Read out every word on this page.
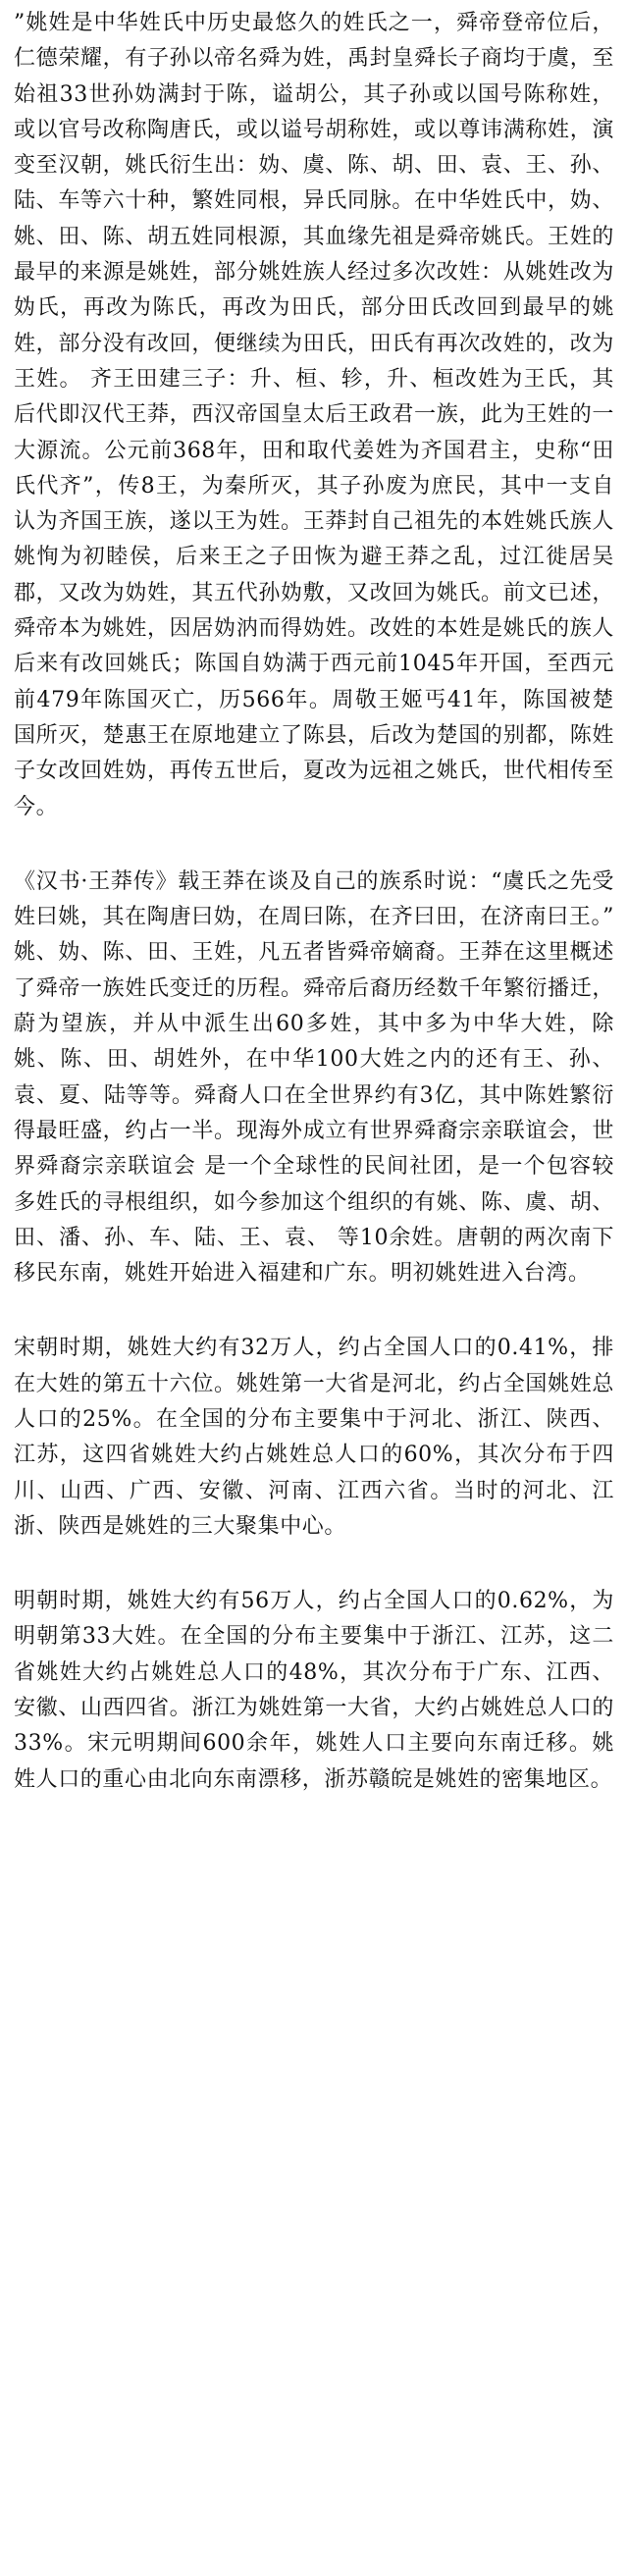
”姚姓是中华姓氏中历史最悠久的姓氏之一，舜帝登帝位后，仁德荣耀，有子孙以帝名舜为姓，禹封皇舜长子商均于虞，至始祖33世孙妫满封于陈，谥胡公，其子孙或以国号陈称姓，或以官号改称陶唐氏，或以谥号胡称姓，或以尊讳满称姓，演变至汉朝，姚氏衍生出：妫、虞、陈、胡、田、袁、王、孙、陆、车等六十种，繁姓同根，异氏同脉。在中华姓氏中，妫、姚、田、陈、胡五姓同根源，其血缘先祖是舜帝姚氏。王姓的最早的来源是姚姓，部分姚姓族人经过多次改姓：从姚姓改为妫氏，再改为陈氏，再改为田氏，部分田氏改回到最早的姚姓，部分没有改回，便继续为田氏，田氏有再次改姓的，改为王姓。 齐王田建三子：升、桓、轸，升、桓改姓为王氏，其后代即汉代王莽，西汉帝国皇太后王政君一族，此为王姓的一大源流。公元前368年，田和取代姜姓为齐国君主，史称“田氏代齐”，传8王，为秦所灭，其子孙废为庶民，其中一支自认为齐国王族，遂以王为姓。王莽封自己祖先的本姓姚氏族人姚恂为初睦侯，后来王之子田恢为避王莽之乱，过江徙居吴郡，又改为妫姓，其五代孙妫敷，又改回为姚氏。前文已述，舜帝本为姚姓，因居妫汭而得妫姓。改姓的本姓是姚氏的族人后来有改回姚氏；陈国自妫满于西元前1045年开国，至西元前479年陈国灭亡，历566年。周敬王姬丐41年，陈国被楚国所灭，楚惠王在原地建立了陈县，后改为楚国的别都，陈姓子女改回姓妫，再传五世后，夏改为远祖之姚氏，世代相传至今。

《汉书·王莽传》载王莽在谈及自己的族系时说：“虞氏之先受姓曰姚，其在陶唐曰妫，在周曰陈，在齐曰田，在济南曰王。” 姚、妫、陈、田、王姓，凡五者皆舜帝嫡裔。王莽在这里概述了舜帝一族姓氏变迁的历程。舜帝后裔历经数千年繁衍播迁，蔚为望族，并从中派生出60多姓，其中多为中华大姓，除姚、陈、田、胡姓外，在中华100大姓之内的还有王、孙、袁、夏、陆等等。舜裔人口在全世界约有3亿，其中陈姓繁衍得最旺盛，约占一半。现海外成立有世界舜裔宗亲联谊会，世界舜裔宗亲联谊会 是一个全球性的民间社团，是一个包容较多姓氏的寻根组织，如今参加这个组织的有姚、陈、虞、胡、田、潘、孙、车、陆、王、袁、 等10余姓。唐朝的两次南下移民东南，姚姓开始进入福建和广东。明初姚姓进入台湾。

宋朝时期，姚姓大约有32万人，约占全国人口的0.41%，排在大姓的第五十六位。姚姓第一大省是河北，约占全国姚姓总人口的25%。在全国的分布主要集中于河北、浙江、陕西、江苏，这四省姚姓大约占姚姓总人口的60%，其次分布于四川、山西、广西、安徽、河南、江西六省。当时的河北、江浙、陕西是姚姓的三大聚集中心。

明朝时期，姚姓大约有56万人，约占全国人口的0.62%，为明朝第33大姓。在全国的分布主要集中于浙江、江苏，这二省姚姓大约占姚姓总人口的48%，其次分布于广东、江西、安徽、山西四省。浙江为姚姓第一大省，大约占姚姓总人口的33%。宋元明期间600余年，姚姓人口主要向东南迁移。姚姓人口的重心由北向东南漂移，浙苏赣皖是姚姓的密集地区。
